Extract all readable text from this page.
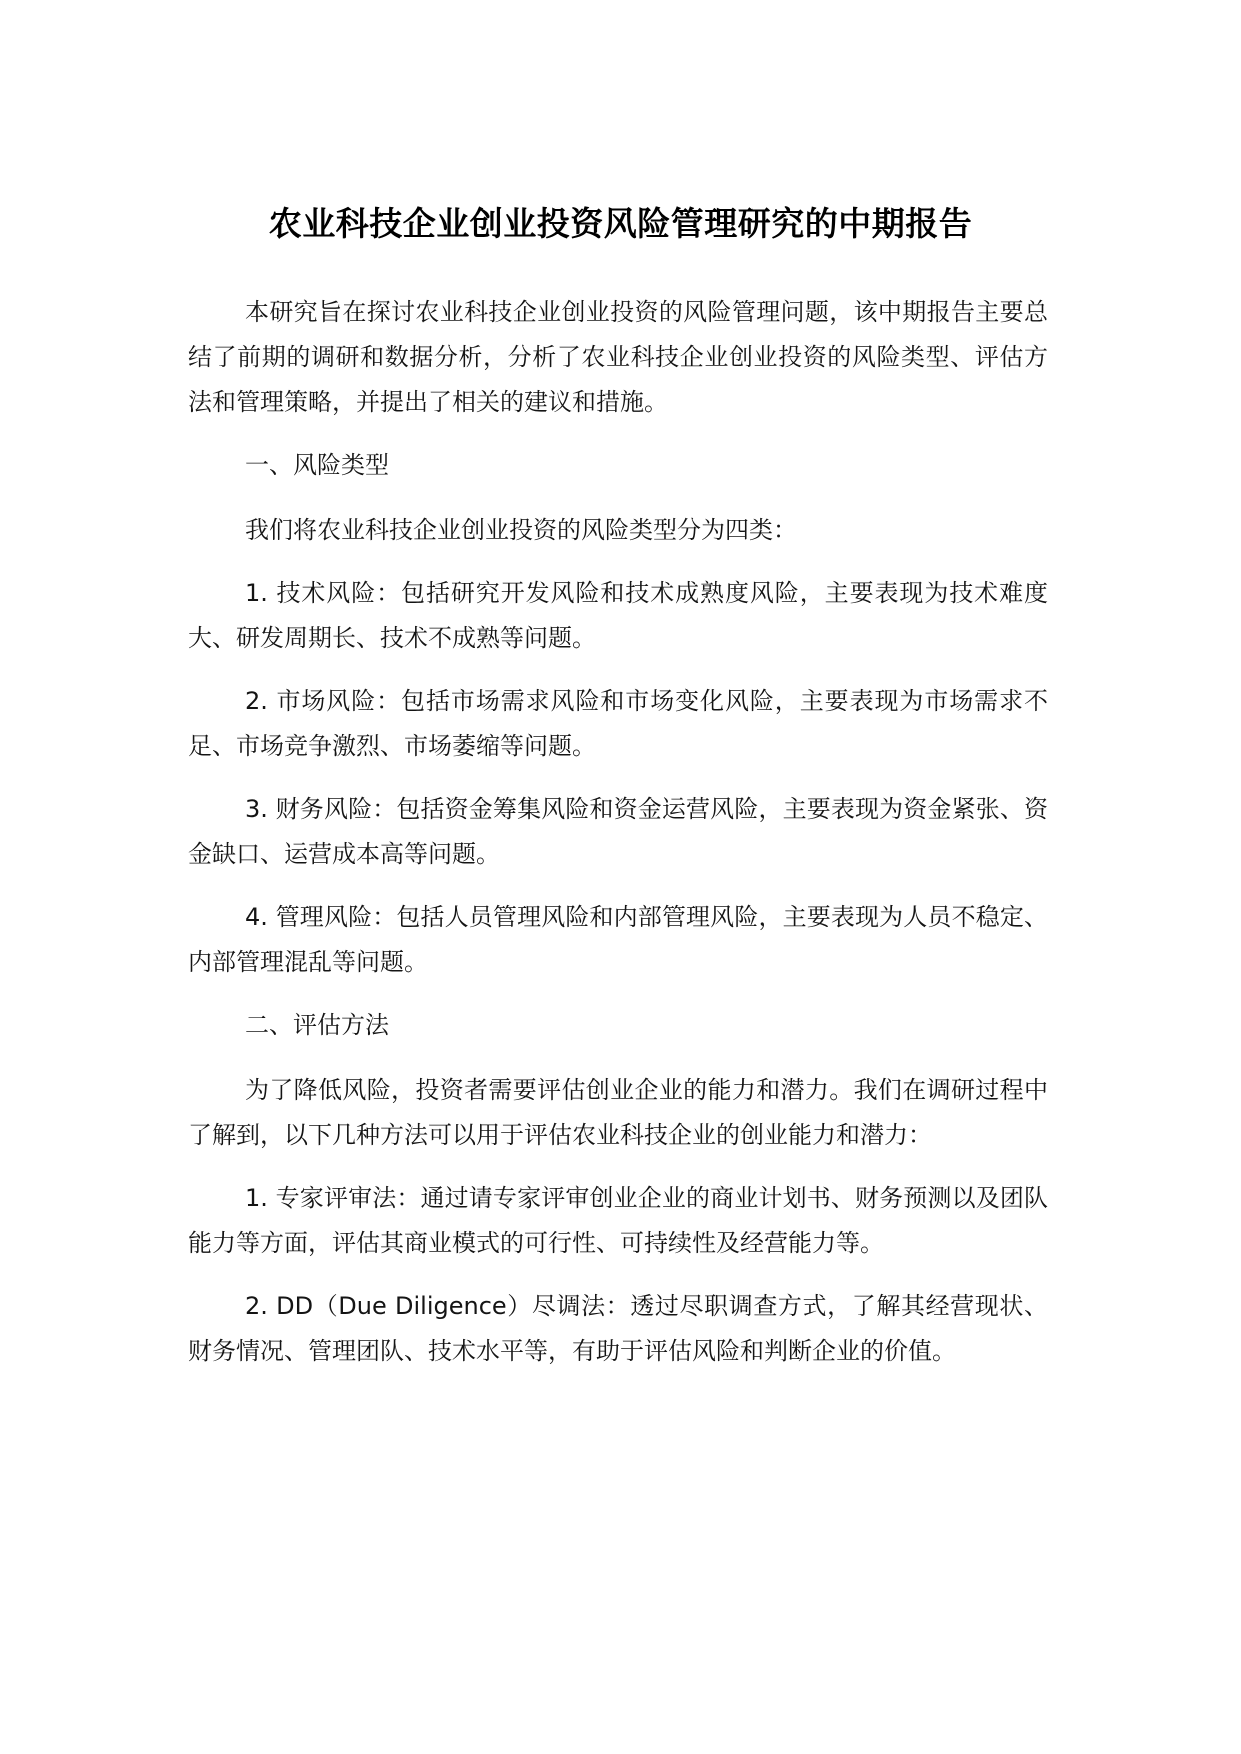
农业科技企业创业投资风险管理研究的中期报告

本研究旨在探讨农业科技企业创业投资的风险管理问题，该中期报告主要总结了前期的调研和数据分析，分析了农业科技企业创业投资的风险类型、评估方法和管理策略，并提出了相关的建议和措施。

一、风险类型

我们将农业科技企业创业投资的风险类型分为四类：

1. 技术风险：包括研究开发风险和技术成熟度风险，主要表现为技术难度大、研发周期长、技术不成熟等问题。

2. 市场风险：包括市场需求风险和市场变化风险，主要表现为市场需求不足、市场竞争激烈、市场萎缩等问题。

3. 财务风险：包括资金筹集风险和资金运营风险，主要表现为资金紧张、资金缺口、运营成本高等问题。

4. 管理风险：包括人员管理风险和内部管理风险，主要表现为人员不稳定、内部管理混乱等问题。

二、评估方法

为了降低风险，投资者需要评估创业企业的能力和潜力。我们在调研过程中了解到，以下几种方法可以用于评估农业科技企业的创业能力和潜力：

1. 专家评审法：通过请专家评审创业企业的商业计划书、财务预测以及团队能力等方面，评估其商业模式的可行性、可持续性及经营能力等。

2. DD（Due Diligence）尽调法：透过尽职调查方式，了解其经营现状、财务情况、管理团队、技术水平等，有助于评估风险和判断企业的价值。
